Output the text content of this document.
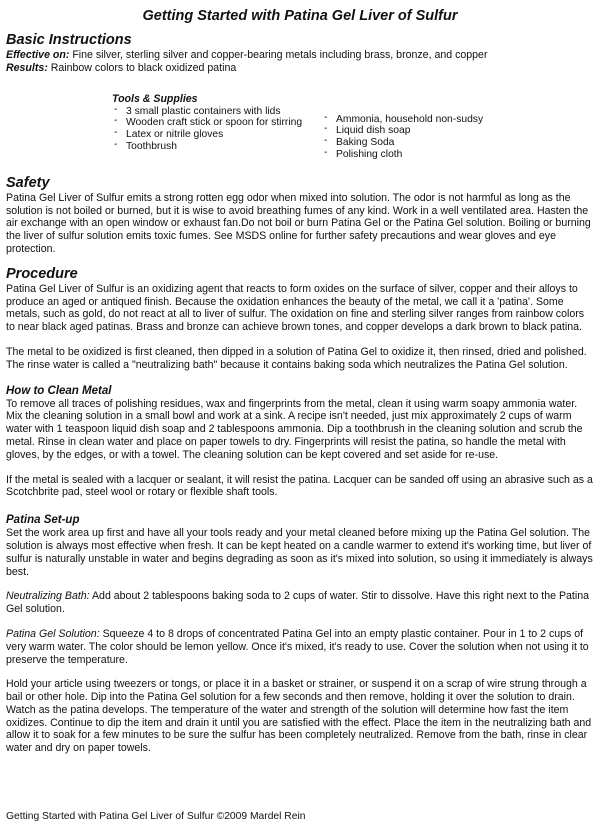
Getting Started with Patina Gel Liver of Sulfur
Basic Instructions
Effective on: Fine silver, sterling silver and copper-bearing metals including brass, bronze, and copper
Results: Rainbow colors to black oxidized patina
Tools & Supplies
- 3 small plastic containers with lids
- Wooden craft stick or spoon for stirring
- Latex or nitrile gloves
- Toothbrush
- Ammonia, household non-sudsy
- Liquid dish soap
- Baking Soda
- Polishing cloth
Safety

Patina Gel Liver of Sulfur emits a strong rotten egg odor when mixed into solution. The odor is not harmful as long as the solution is not boiled or burned, but it is wise to avoid breathing fumes of any kind. Work in a well ventilated area. Hasten the air exchange with an open window or exhaust fan.Do not boil or burn Patina Gel or the Patina Gel solution. Boiling or burning the liver of sulfur solution emits toxic fumes. See MSDS online for further safety precautions and wear gloves and eye protection.

Procedure

Patina Gel Liver of Sulfur is an oxidizing agent that reacts to form oxides on the surface of silver, copper and their alloys to produce an aged or antiqued finish. Because the oxidation enhances the beauty of the metal, we call it a 'patina'. Some metals, such as gold, do not react at all to liver of sulfur. The oxidation on fine and sterling silver ranges from rainbow colors to near black aged patinas. Brass and bronze can achieve brown tones, and copper develops a dark brown to black patina.

The metal to be oxidized is first cleaned, then dipped in a solution of Patina Gel to oxidize it, then rinsed, dried and polished. The rinse water is called a "neutralizing bath" because it contains baking soda which neutralizes the Patina Gel solution.

How to Clean Metal

To remove all traces of polishing residues, wax and fingerprints from the metal, clean it using warm soapy ammonia water. Mix the cleaning solution in a small bowl and work at a sink. A recipe isn't needed, just mix approximately 2 cups of warm water with 1 teaspoon liquid dish soap and 2 tablespoons ammonia. Dip a toothbrush in the cleaning solution and scrub the metal. Rinse in clean water and place on paper towels to dry. Fingerprints will resist the patina, so handle the metal with gloves, by the edges, or with a towel. The cleaning solution can be kept covered and set aside for re-use.

If the metal is sealed with a lacquer or sealant, it will resist the patina. Lacquer can be sanded off using an abrasive such as a Scotchbrite pad, steel wool or rotary or flexible shaft tools.

Patina Set-up

Set the work area up first and have all your tools ready and your metal cleaned before mixing up the Patina Gel solution. The solution is always most effective when fresh. It can be kept heated on a candle warmer to extend it's working time, but liver of sulfur is naturally unstable in water and begins degrading as soon as it's mixed into solution, so using it immediately is always best.

Neutralizing Bath: Add about 2 tablespoons baking soda to 2 cups of water. Stir to dissolve. Have this right next to the Patina Gel solution.

Patina Gel Solution: Squeeze 4 to 8 drops of concentrated Patina Gel into an empty plastic container. Pour in 1 to 2 cups of very warm water. The color should be lemon yellow. Once it's mixed, it's ready to use. Cover the solution when not using it to preserve the temperature.

Hold your article using tweezers or tongs, or place it in a basket or strainer, or suspend it on a scrap of wire strung through a bail or other hole. Dip into the Patina Gel solution for a few seconds and then remove, holding it over the solution to drain. Watch as the patina develops. The temperature of the water and strength of the solution will determine how fast the item oxidizes. Continue to dip the item and drain it until you are satisfied with the effect. Place the item in the neutralizing bath and allow it to soak for a few minutes to be sure the sulfur has been completely neutralized. Remove from the bath, rinse in clear water and dry on paper towels.

Getting Started with Patina Gel Liver of Sulfur ©2009 Mardel Rein
